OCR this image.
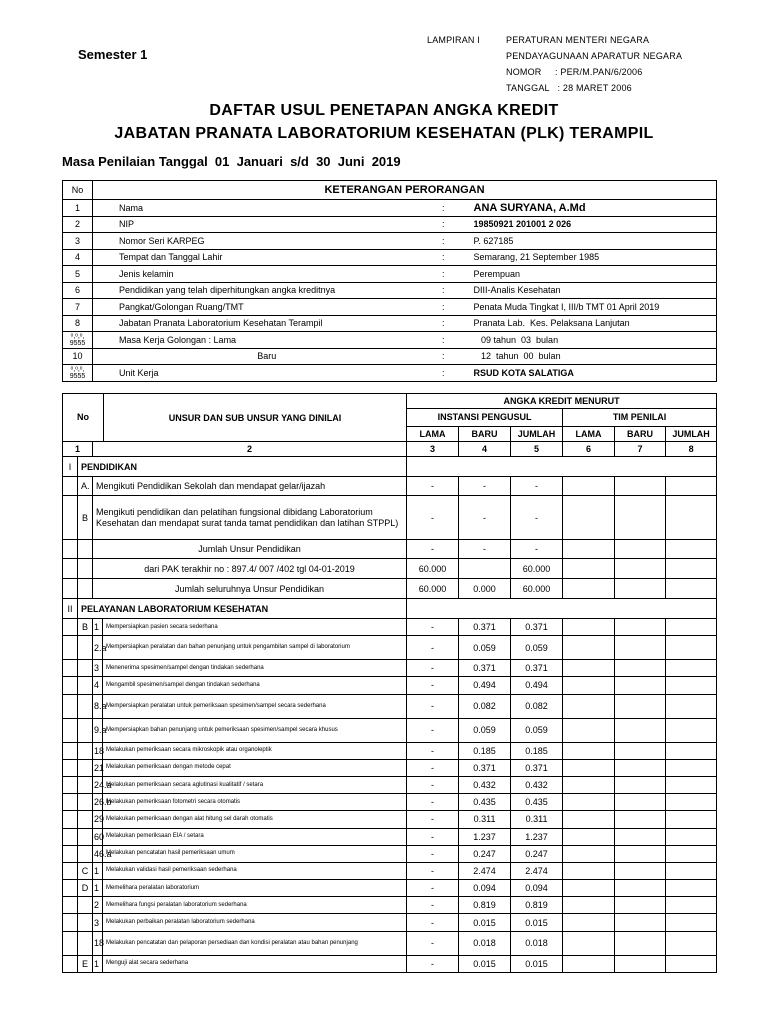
LAMPIRAN I	PERATURAN MENTERI NEGARA
PENDAYAGUNAAN APARATUR NEGARA
NOMOR     : PER/M.PAN/6/2006
TANGGAL   : 28 MARET 2006
Semester 1
DAFTAR USUL PENETAPAN ANGKA KREDIT
JABATAN PRANATA LABORATORIUM KESEHATAN (PLK) TERAMPIL
Masa Penilaian Tanggal  01  Januari  s/d  30  Juni  2019
No	KETERANGAN PERORANGAN		
1	Nama	:	ANA SURYANA, A.Md
2	NIP	:	19850921 201001 2 026
3	Nomor Seri KARPEG	:	P. 627185
4	Tempat dan Tanggal Lahir	:	Semarang, 21 September 1985
5	Jenis kelamin	:	Perempuan
6	Pendidikan yang telah diperhitungkan angka kreditnya	:	DIII-Analis Kesehatan
7	Pangkat/Golongan Ruang/TMT	:	Penata Muda Tingkat I, III/b TMT 01 April 2019
8	Jabatan Pranata Laboratorium Kesehatan Terampil	:	Pranata Lab.  Kes. Pelaksana Lanjutan
ᵒ,ᵒ,ᵒ,
9555	Masa Kerja Golongan : Lama	:	09 tahun  03  bulan
10	Baru	:	12  tahun  00  bulan
ᵒ,ᵒ,ᵒ,
9555	Unit Kerja	:	RSUD KOTA SALATIGA
No UNSUR DAN SUB UNSUR YANG DINILAI				ANGKA KREDIT MENURUT					
				INSTANSI PENGUSUL			TIM PENILAI		
				LAMA	BARU	JUMLAH	LAMA	BARU	JUMLAH
1		2		3	4	5	6	7	8
I	PENDIDIKAN								
	A.	Mengikuti Pendidikan Sekolah dan mendapat gelar/ijazah		-	-	-			
	B	Mengikuti pendidikan dan pelatihan fungsional dibidang Laboratorium Kesehatan dan mendapat surat tanda tamat pendidikan dan latihan STPPL)		-	-	-			
		Jumlah Unsur Pendidikan		-	-	-			
		dari PAK terakhir no : 897.4/ 007 /402 tgl 04-01-2019		60.000		60.000			
		Jumlah seluruhnya Unsur Pendidikan		60.000	0.000	60.000			
II	PELAYANAN LABORATORIUM KESEHATAN								
	B	1	Mempersiapkan pasien secara sederhana	-	0.371	0.371			
		2.a	Mempersiapkan peralatan dan bahan penunjang untuk pengambilan sampel di laboratorium	-	0.059	0.059			
		3	Menenerima spesimen/sampel dengan tindakan sederhana	-	0.371	0.371			
		4	Mengambil spesimen/sampel dengan tindakan sederhana	-	0.494	0.494			
		8.a	Mempersiapkan peralatan untuk pemeriksaan spesimen/sampel secara sederhana	-	0.082	0.082			
		9.a	Mempersiapkan bahan penunjang untuk pemeriksaan spesimen/sampel secara khusus	-	0.059	0.059			
		18	Melakukan pemeriksaan secara mikroskopik atau organoleptik	-	0.185	0.185			
		21	Melakukan pemeriksaan dengan metode cepat	-	0.371	0.371			
		24.a	Melakukan pemeriksaan secara aglutinasi kualitatif / setara	-	0.432	0.432			
		26.b	Melakukan pemeriksaan fotometri secara otomatis	-	0.435	0.435			
		29	Melakukan pemeriksaan dengan alat hitung sel darah otomatis	-	0.311	0.311			
		60	Melakukan pemeriksaan EIA / setara	-	1.237	1.237			
		46.a	Melakukan pencatatan hasil pemeriksaan umum	-	0.247	0.247			
	C	1	Melakukan validasi hasil pemeriksaan sederhana	-	2.474	2.474			
	D	1	Memelihara peralatan laboratorium	-	0.094	0.094			
		2	Memelihara fungsi peralatan laboratorium sederhana	-	0.819	0.819			
		3	Melakukan perbaikan peralatan laboratorium sederhana	-	0.015	0.015			
		18	Melakukan pencatatan dan pelaporan persediaan dan kondisi peralatan atau bahan penunjang	-	0.018	0.018			
	E	1	Menguji alat secara sederhana	-	0.015	0.015			
